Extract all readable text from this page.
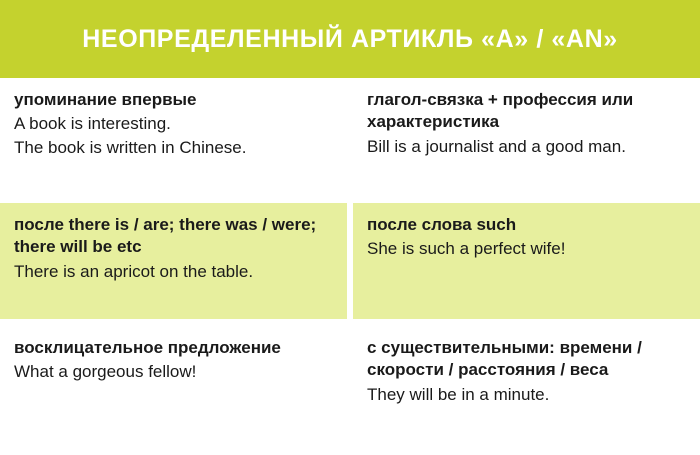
НЕОПРЕДЕЛЕННЫЙ АРТИКЛЬ «A» / «AN»

упоминание впервые

A book is interesting.

The book is written in Chinese.

после there is / are; there was / were; there will be etc

There is an apricot on the table.

восклицательное предложение

What a gorgeous fellow!

глагол-связка + профессия или характеристика

Bill is a journalist and a good man.

после слова such

She is such a perfect wife!

с существительными: времени / скорости / расстояния / веса

They will be in a minute.
